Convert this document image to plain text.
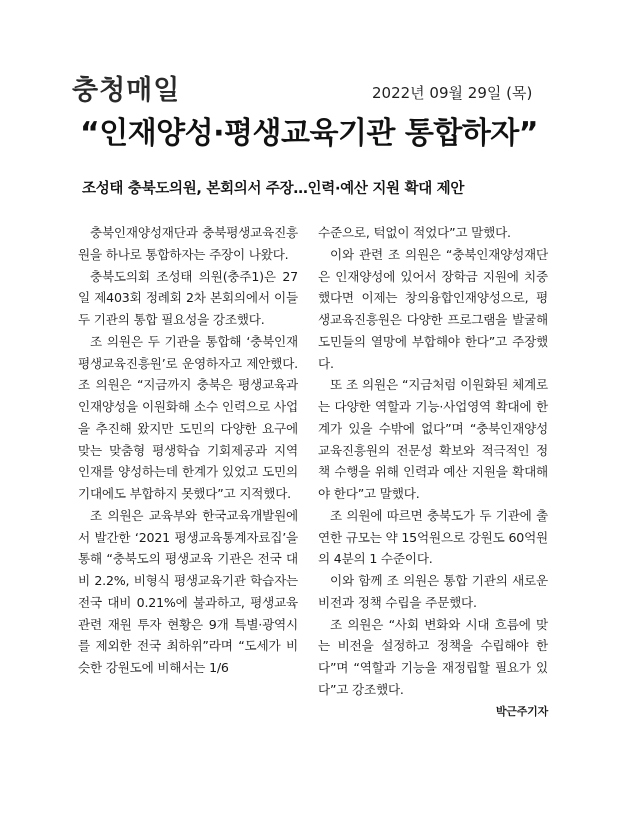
충청매일	2022년 09월 29일 (목)
“인재양성·평생교육기관 통합하자”
조성태 충북도의원, 본회의서 주장…인력·예산 지원 확대 제안

충북인재양성재단과 충북평생교육진흥원을 하나로 통합하자는 주장이 나왔다.

충북도의회 조성태 의원(충주1)은 27일 제403회 정례회 2차 본회의에서 이들 두 기관의 통합 필요성을 강조했다.

조 의원은 두 기관을 통합해 ‘충북인재평생교육진흥원’로 운영하자고 제안했다. 조 의원은 “지금까지 충북은 평생교육과 인재양성을 이원화해 소수 인력으로 사업을 추진해 왔지만 도민의 다양한 요구에 맞는 맞춤형 평생학습 기회제공과 지역 인재를 양성하는데 한계가 있었고 도민의 기대에도 부합하지 못했다”고 지적했다.

조 의원은 교육부와 한국교육개발원에서 발간한 ‘2021 평생교육통계자료집’을 통해 “충북도의 평생교육 기관은 전국 대비 2.2%, 비형식 평생교육기관 학습자는 전국 대비 0.21%에 불과하고, 평생교육 관련 재원 투자 현황은 9개 특별·광역시를 제외한 전국 최하위”라며 “도세가 비슷한 강원도에 비해서는 1/6

수준으로, 턱없이 적었다”고 말했다.

이와 관련 조 의원은 “충북인재양성재단은 인재양성에 있어서 장학금 지원에 치중했다면 이제는 창의융합인재양성으로, 평생교육진흥원은 다양한 프로그램을 발굴해 도민들의 열망에 부합해야 한다”고 주장했다.

또 조 의원은 “지금처럼 이원화된 체계로는 다양한 역할과 기능·사업영역 확대에 한계가 있을 수밖에 없다”며 “충북인재양성교육진흥원의 전문성 확보와 적극적인 정책 수행을 위해 인력과 예산 지원을 확대해야 한다”고 말했다.

조 의원에 따르면 충북도가 두 기관에 출연한 규모는 약 15억원으로 강원도 60억원의 4분의 1 수준이다.

이와 함께 조 의원은 통합 기관의 새로운 비전과 정책 수립을 주문했다.

조 의원은 “사회 변화와 시대 흐름에 맞는 비전을 설정하고 정책을 수립해야 한다”며 “역할과 기능을 재정립할 필요가 있다”고 강조했다.

박근주기자
